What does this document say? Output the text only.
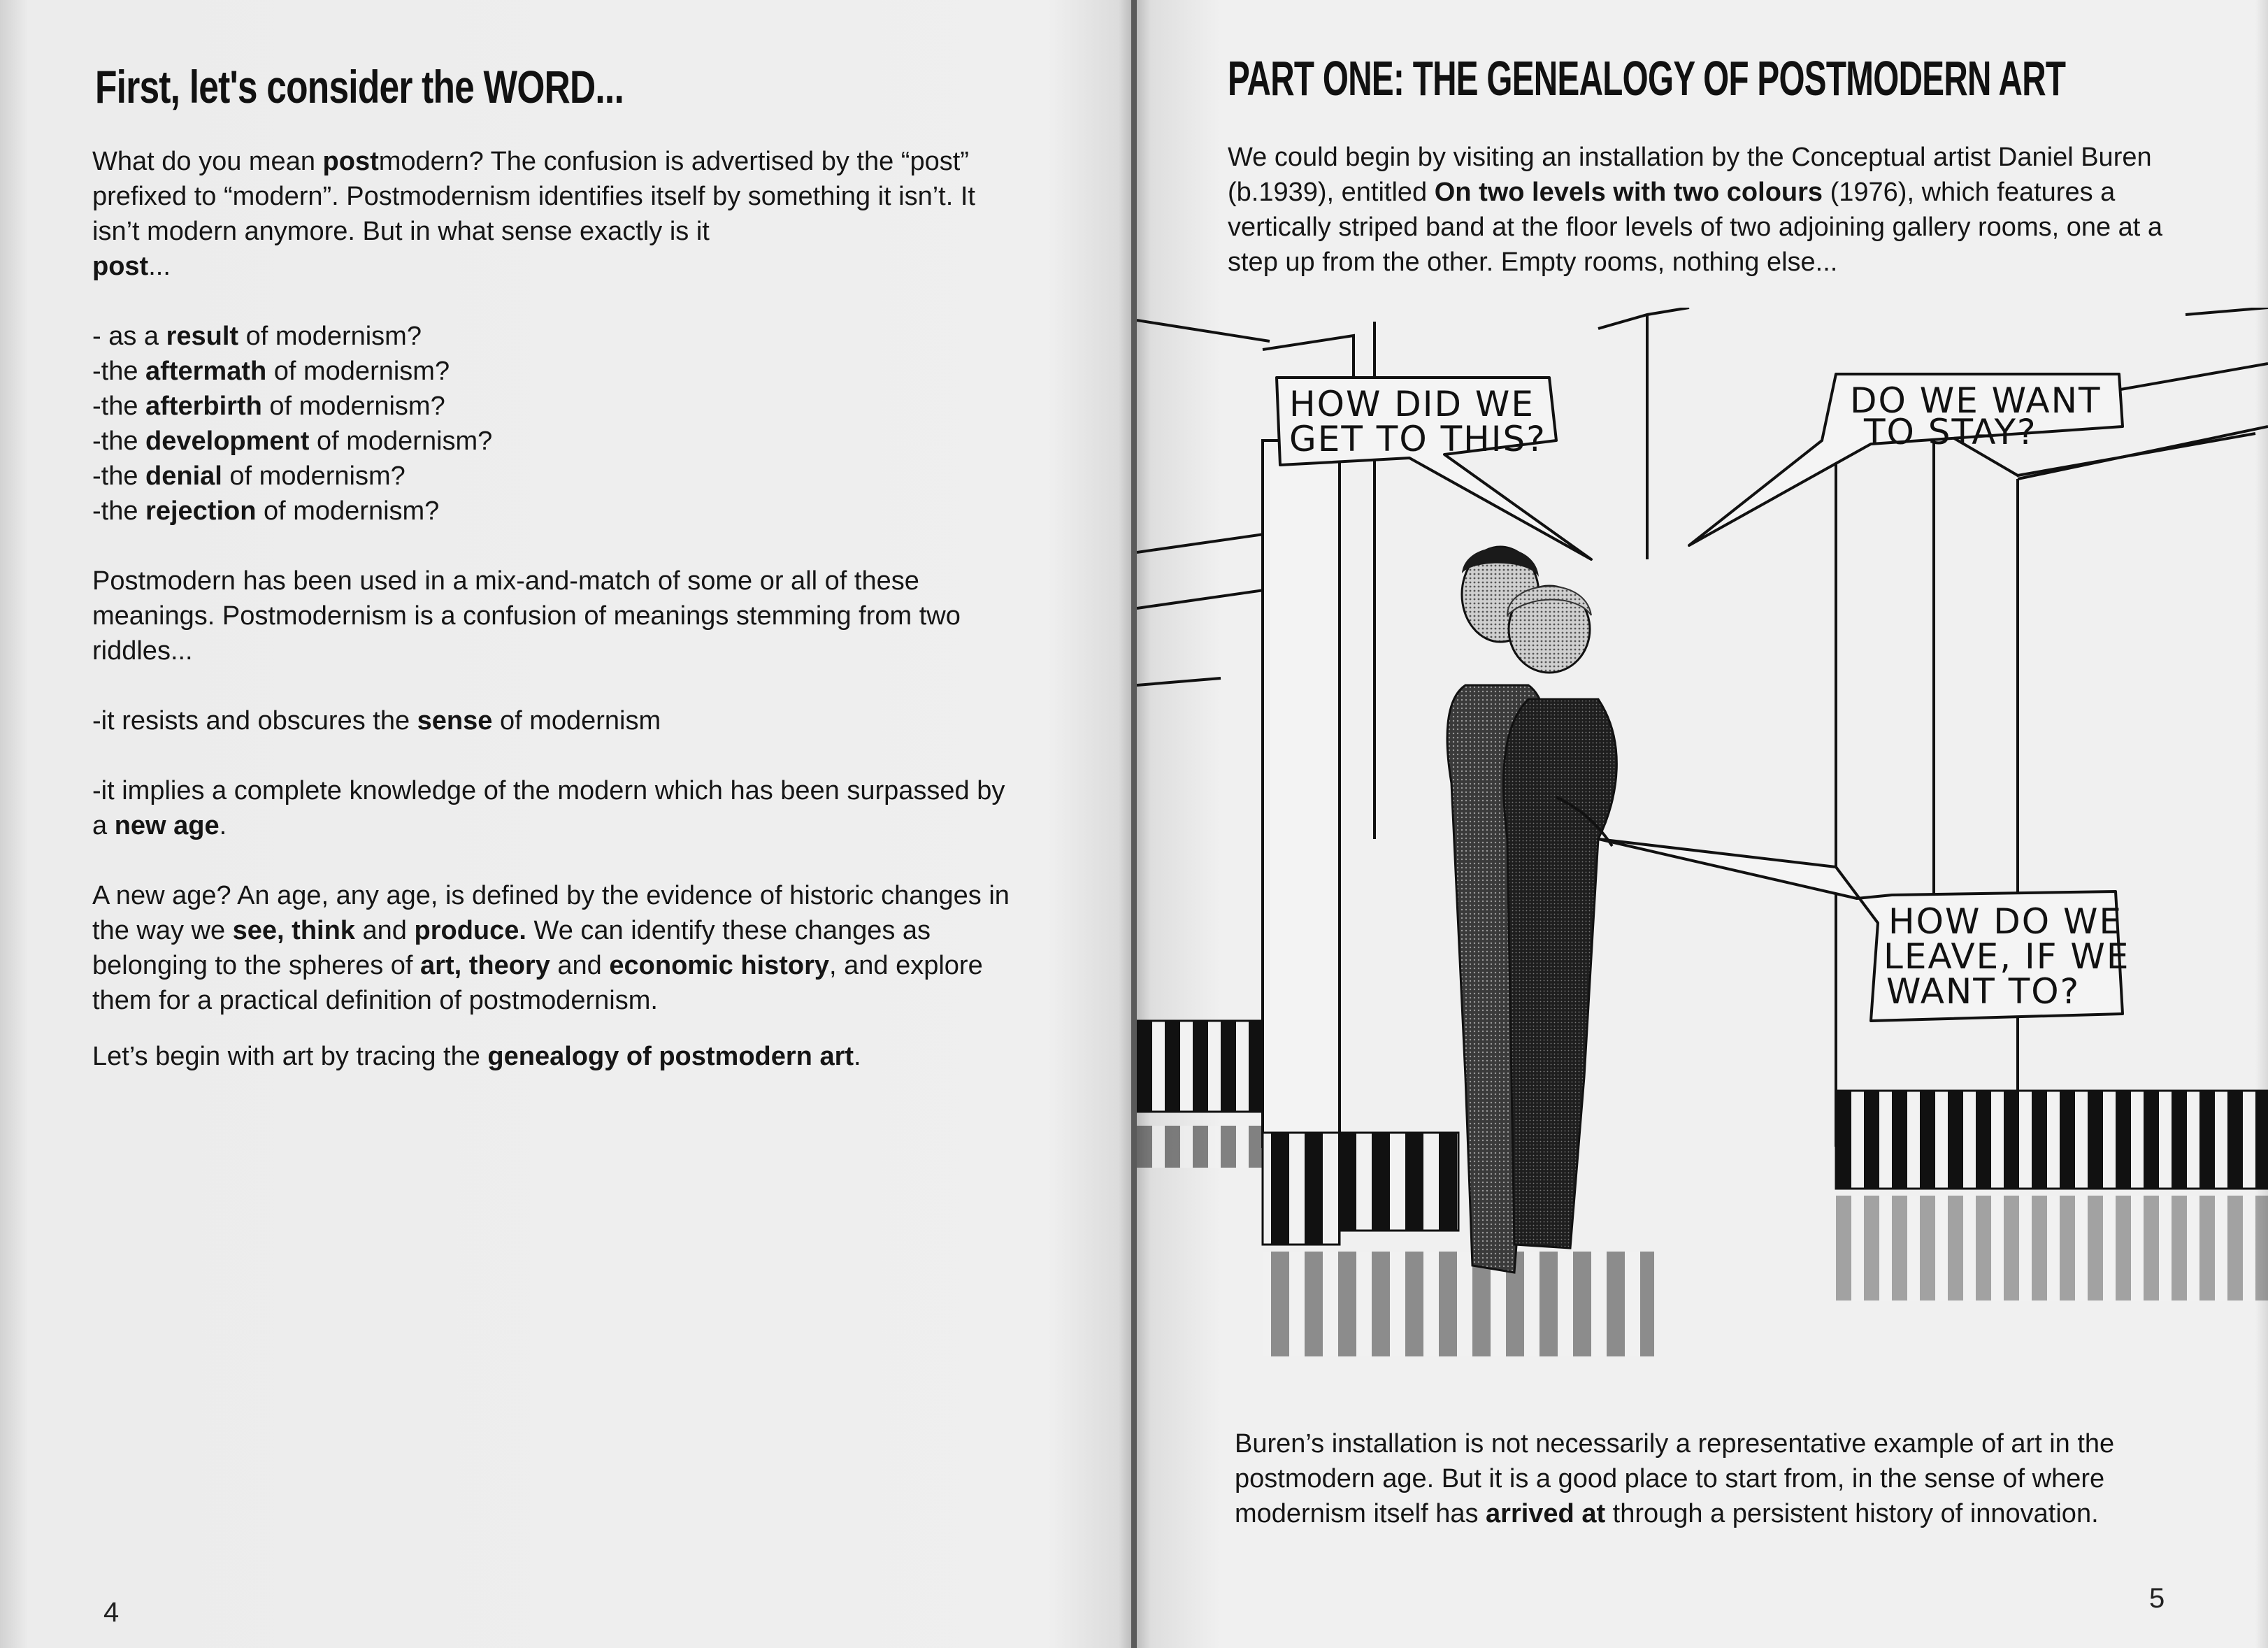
First, let's consider the WORD...

What do you mean postmodern? The confusion is advertised by the “post” prefixed to “modern”. Postmodernism identifies itself by something it isn’t. It isn’t modern anymore. But in what sense exactly is it
post...

- as a result of modernism?

-the aftermath of modernism?

-the afterbirth of modernism?

-the development of modernism?

-the denial of modernism?

-the rejection of modernism?

Postmodern has been used in a mix-and-match of some or all of these meanings. Postmodernism is a confusion of meanings stemming from two riddles...

-it resists and obscures the sense of modernism

-it implies a complete knowledge of the modern which has been surpassed by a new age.

A new age? An age, any age, is defined by the evidence of historic changes in the way we see, think and produce. We can identify these changes as belonging to the spheres of art, theory and economic history, and explore them for a practical definition of postmodernism.

Let’s begin with art by tracing the genealogy of postmodern art.

4
PART ONE: THE GENEALOGY OF POSTMODERN ART
We could begin by visiting an installation by the Conceptual artist Daniel Buren (b.1939), entitled On two levels with two colours (1976), which features a vertically striped band at the floor levels of two adjoining gallery rooms, one at a step up from the other. Empty rooms, nothing else...
HOW DID WE
GET TO THIS?
DO WE WANT
TO STAY?
HOW DO WE
LEAVE, IF WE
WANT TO?
Buren’s installation is not necessarily a representative example of art in the postmodern age. But it is a good place to start from, in the sense of where modernism itself has arrived at through a persistent history of innovation.
5
